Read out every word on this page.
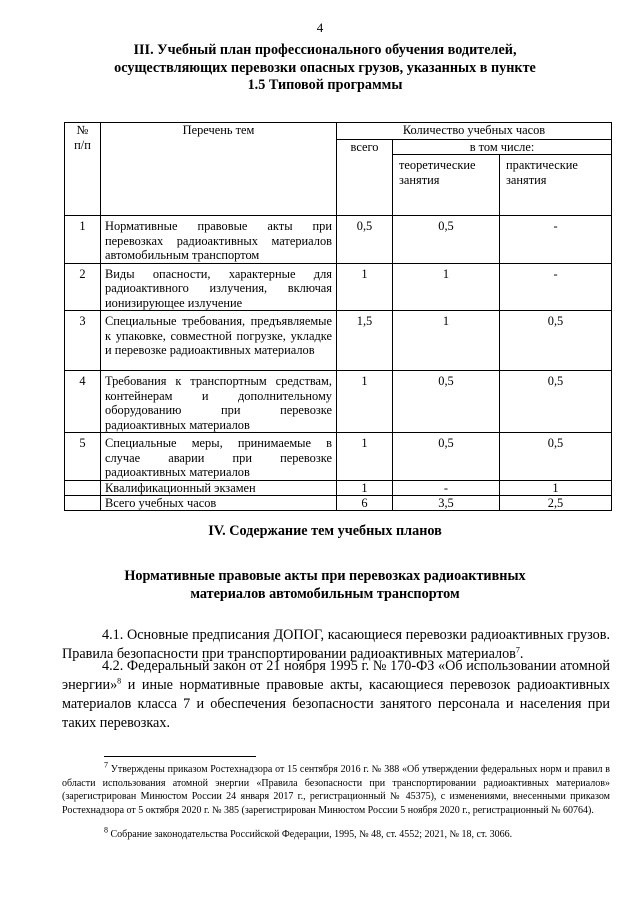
4
III. Учебный план профессионального обучения водителей,
осуществляющих перевозки опасных грузов, указанных в пункте
1.5 Типовой программы
№ п/п	Перечень тем	Количество учебных часов		
		всего	в том числе:	
			теоретические занятия	практические занятия
1	Нормативные правовые акты при перевозках радиоактивных материалов автомобильным транспортом	0,5	0,5	-
2	Виды опасности, характерные для радиоактивного излучения, включая ионизирующее излучение	1	1	-
3	Специальные требования, предъявляемые к упаковке, совместной погрузке, укладке и перевозке радиоактивных материалов	1,5	1	0,5
4	Требования к транспортным средствам, контейнерам и дополнительному оборудованию при перевозке радиоактивных материалов	1	0,5	0,5
5	Специальные меры, принимаемые в случае аварии при перевозке радиоактивных материалов	1	0,5	0,5
	Квалификационный экзамен	1	-	1
	Всего учебных часов	6	3,5	2,5
IV. Содержание тем учебных планов
Нормативные правовые акты при перевозках радиоактивных
материалов автомобильным транспортом

4.1. Основные предписания ДОПОГ, касающиеся перевозки радиоактивных грузов. Правила безопасности при транспортировании радиоактивных материалов$^7$.

4.2. Федеральный закон от 21 ноября 1995 г. № 170-ФЗ «Об использовании атомной энергии»$^8$ и иные нормативные правовые акты, касающиеся перевозок радиоактивных материалов класса 7 и обеспечения безопасности занятого персонала и населения при таких перевозках.

$^7$ Утверждены приказом Ростехнадзора от 15 сентября 2016 г. № 388 «Об утверждении федеральных норм и правил в области использования атомной энергии «Правила безопасности при транспортировании радиоактивных материалов» (зарегистрирован Минюстом России 24 января 2017 г., регистрационный № 45375), с изменениями, внесенными приказом Ростехнадзора от 5 октября 2020 г. № 385 (зарегистрирован Минюстом России 5 ноября 2020 г., регистрационный № 60764).
$^8$ Собрание законодательства Российской Федерации, 1995, № 48, ст. 4552; 2021, № 18, ст. 3066.
